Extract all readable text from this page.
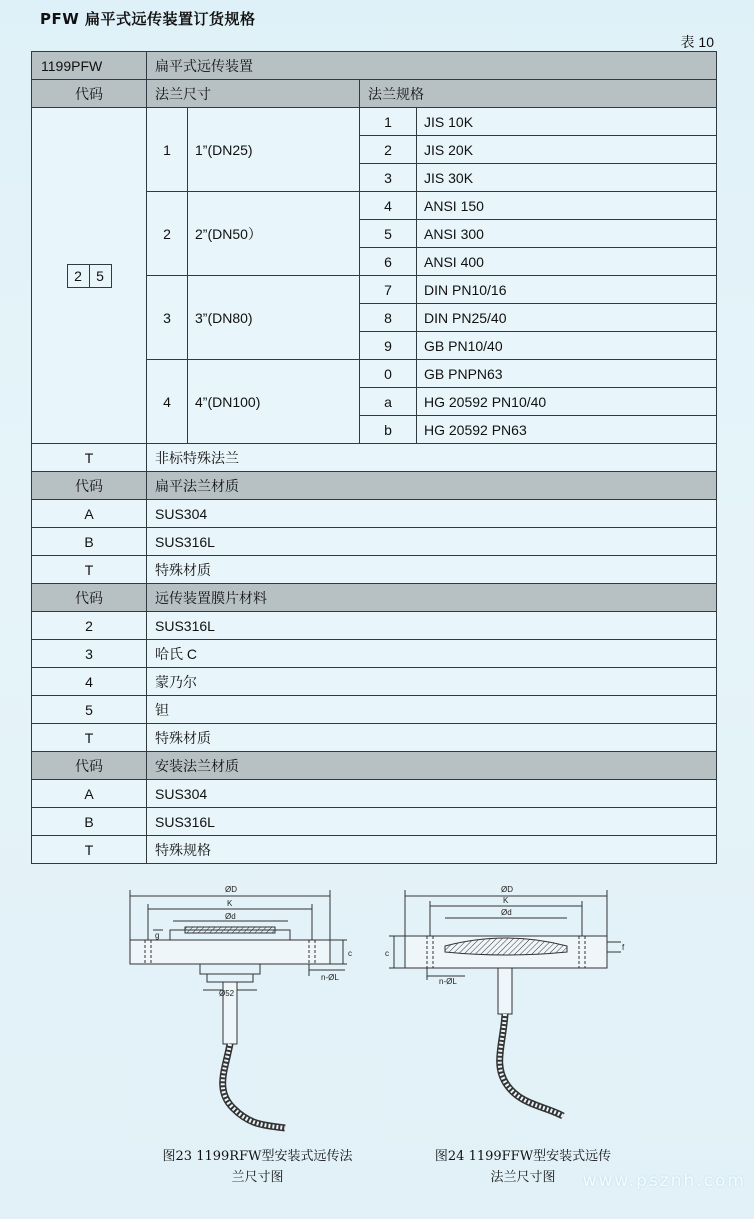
PFW 扁平式远传装置订货规格
表 10
1199PFW	扁平式远传装置			
代码	法兰尺寸		法兰规格	

2 5	1	1”(DN25)	1	JIS 10K
			2	JIS 20K
			3	JIS 30K
	2	2”(DN50）	4	ANSI 150
			5	ANSI 300
			6	ANSI 400
	3	3”(DN80)	7	DIN PN10/16
			8	DIN PN25/40
			9	GB PN10/40
	4	4”(DN100)	0	GB PNPN63
			a	HG 20592 PN10/40
			b	HG 20592 PN63
T	非标特殊法兰			
代码	扁平法兰材质			
A	SUS304			
B	SUS316L			
T	特殊材质			
代码	远传装置膜片材料			
2	SUS316L			
3	哈氏 C			
4	蒙乃尔			
5	钽			
T	特殊材质			
代码	安装法兰材质			
A	SUS304			
B	SUS316L			
T	特殊规格			
ØD
K
Ød
g
c
n-ØL
Ø52
ØD
K
Ød
c
f
n-ØL
图23 1199RFW型安装式远传法
兰尺寸图
图24 1199FFW型安装式远传
法兰尺寸图	www.psznh.com
